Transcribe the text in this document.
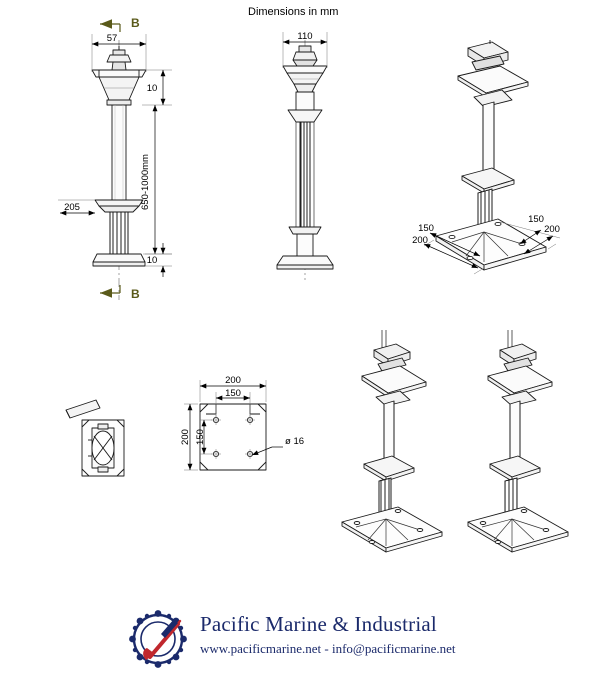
Dimensions in mm
57
10
650-1000mm
205
10
B
B
110
150
200
150
200
200
150
200 150	ø 16
Pacific Marine & Industrial
www.pacificmarine.net - info@pacificmarine.net
